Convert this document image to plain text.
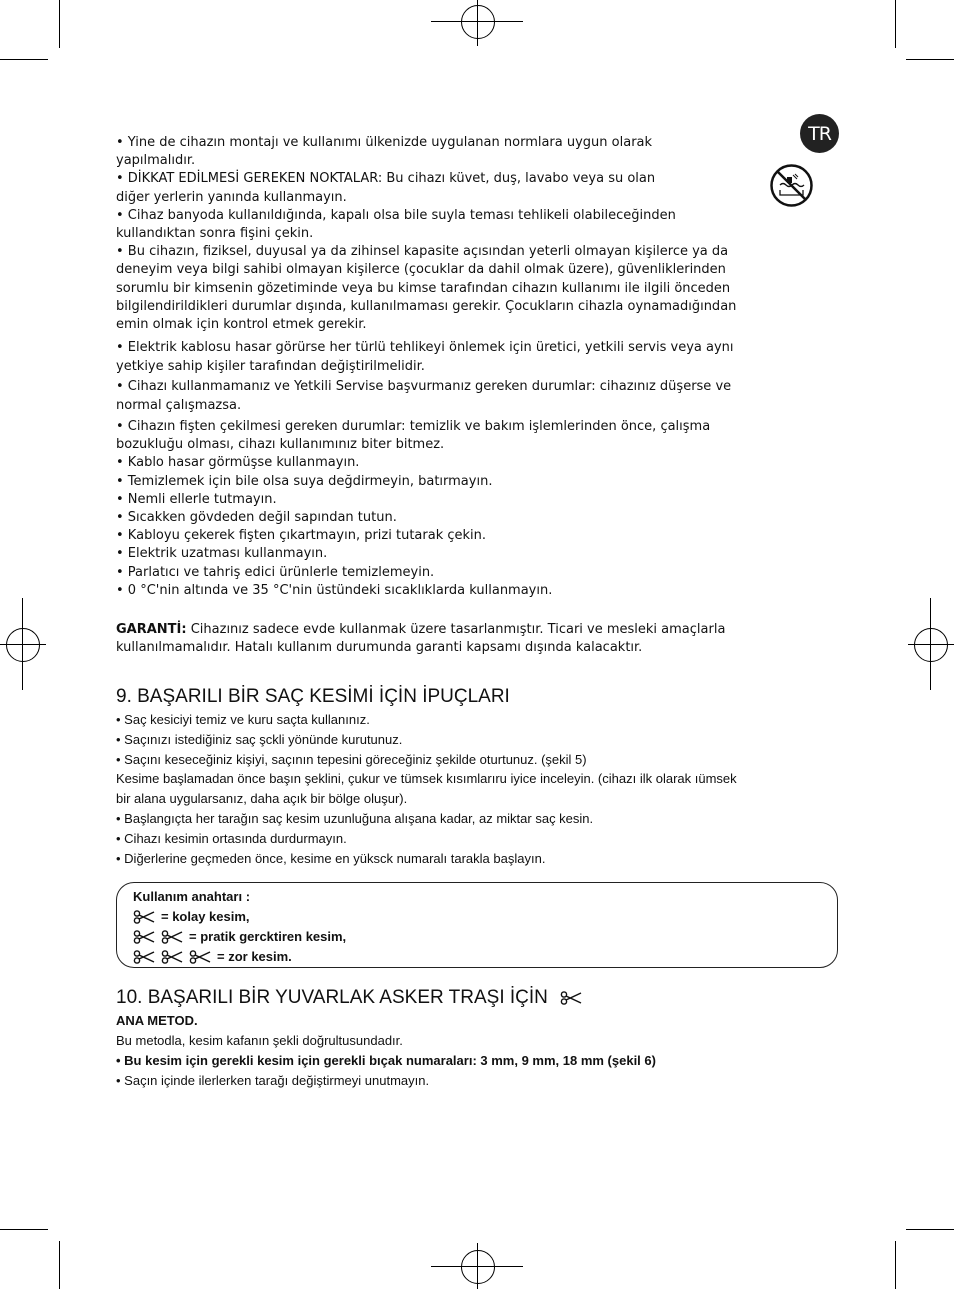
TR
• Yine de cihazın montajı ve kullanımı ülkenizde uygulanan normlara uygun olarak
yapılmalıdır.
• DİKKAT EDİLMESİ GEREKEN NOKTALAR: Bu cihazı küvet, duş, lavabo veya su olan
diğer yerlerin yanında kullanmayın.
• Cihaz banyoda kullanıldığında, kapalı olsa bile suyla teması tehlikeli olabileceğinden
kullandıktan sonra fişini çekin.
• Bu cihazın, fiziksel, duyusal ya da zihinsel kapasite açısından yeterli olmayan kişilerce ya da
deneyim veya bilgi sahibi olmayan kişilerce (çocuklar da dahil olmak üzere), güvenliklerinden
sorumlu bir kimsenin gözetiminde veya bu kimse tarafından cihazın kullanımı ile ilgili önceden
bilgilendirildikleri durumlar dışında, kullanılmaması gerekir. Çocukların cihazla oynamadığından
emin olmak için kontrol etmek gerekir.
• Elektrik kablosu hasar görürse her türlü tehlikeyi önlemek için üretici, yetkili servis veya aynı
yetkiye sahip kişiler tarafından değiştirilmelidir.
• Cihazı kullanmamanız ve Yetkili Servise başvurmanız gereken durumlar: cihazınız düşerse ve
normal çalışmazsa.
• Cihazın fişten çekilmesi gereken durumlar: temizlik ve bakım işlemlerinden önce, çalışma
bozukluğu olması, cihazı kullanımınız biter bitmez.
• Kablo hasar görmüşse kullanmayın.
• Temizlemek için bile olsa suya değdirmeyin, batırmayın.
• Nemli ellerle tutmayın.
• Sıcakken gövdeden değil sapından tutun.
• Kabloyu çekerek fişten çıkartmayın, prizi tutarak çekin.
• Elektrik uzatması kullanmayın.
• Parlatıcı ve tahriş edici ürünlerle temizlemeyin.
• 0 °C'nin altında ve 35 °C'nin üstündeki sıcaklıklarda kullanmayın.
GARANTİ: Cihazınız sadece evde kullanmak üzere tasarlanmıştır. Ticari ve mesleki amaçlarla
kullanılmamalıdır. Hatalı kullanım durumunda garanti kapsamı dışında kalacaktır.
9. BAŞARILI BİR SAÇ KESİMİ İÇİN İPUÇLARI
• Saç kesiciyi temiz ve kuru saçta kullanınız.
• Saçınızı istediğiniz saç şckli yönünde kurutunuz.
• Saçını keseceğiniz kişiyi, saçının tepesini göreceğiniz şekilde oturtunuz. (şekil 5)
Kesime başlamadan önce başın şeklini, çukur ve tümsek kısımlarıru iyice inceleyin. (cihazı ilk olarak ıümsek
bir alana uygularsanız, daha açık bir bölge oluşur).
• Başlangıçta her tarağın saç kesim uzunluğuna alışana kadar, az miktar saç kesin.
• Cihazı kesimin ortasında durdurmayın.
• Diğerlerine geçmeden önce, kesime en yüksck numaralı tarakla başlayın.
Kullanım anahtarı :
= kolay kesim,
= pratik gercktiren kesim,
= zor kesim.
10. BAŞARILI BİR YUVARLAK ASKER TRAŞI İÇİN
ANA METOD.
Bu metodla, kesim kafanın şekli doğrultusundadır.
• Bu kesim için gerekli kesim için gerekli bıçak numaraları: 3 mm, 9 mm, 18 mm (şekil 6)
• Saçın içinde ilerlerken tarağı değiştirmeyi unutmayın.
